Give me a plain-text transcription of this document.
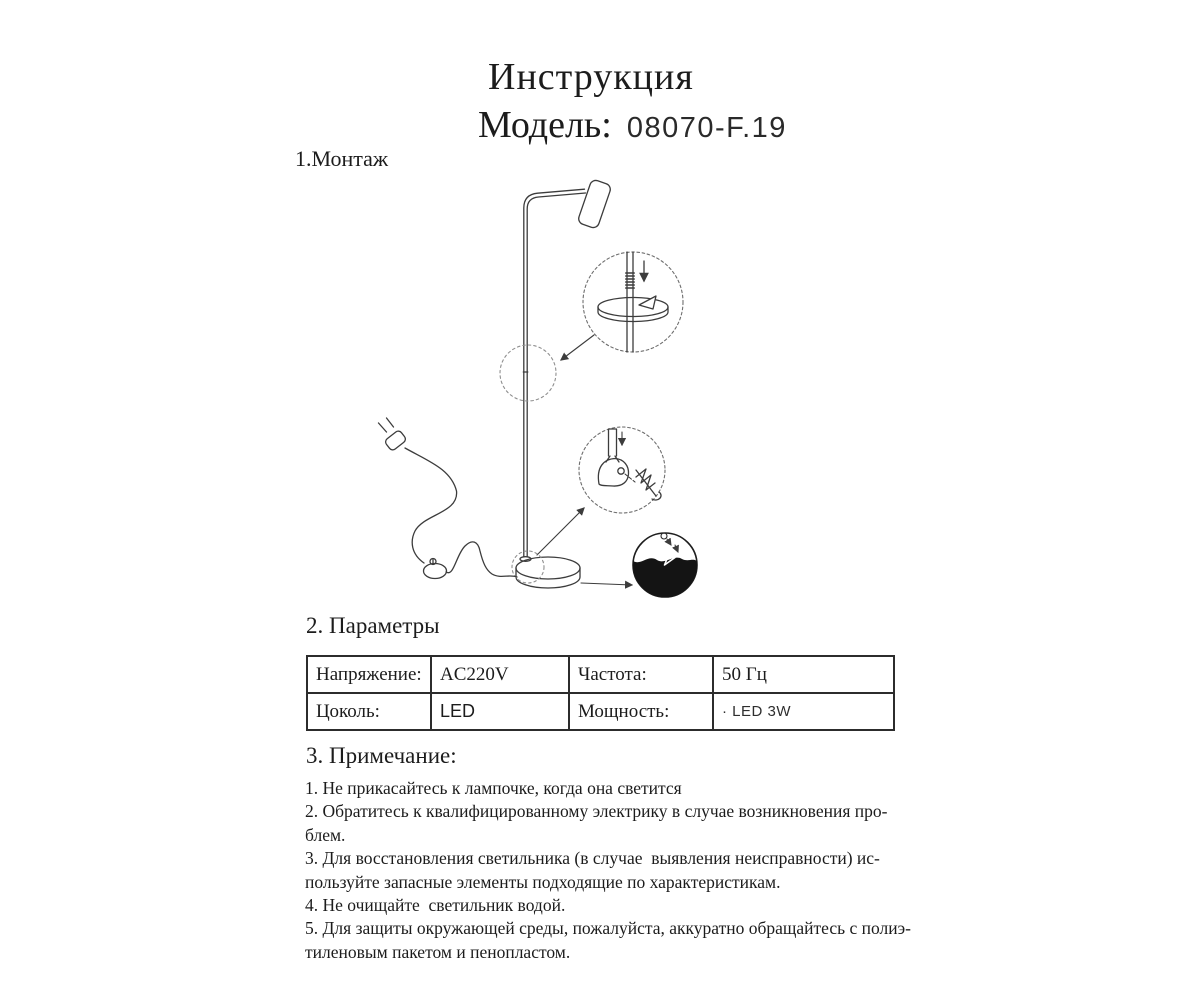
Инструкция
Модель: 08070-F.19
1.Монтаж
2. Параметры
Напряжение:	AC220V	Частота:	50 Гц
Цоколь:	LED	Мощность:	· LED 3W
3. Примечание:
1. Не прикасайтесь к лампочке, когда она светится
2. Обратитесь к квалифицированному электрику в случае возникновения про-
блем.
3. Для восстановления светильника (в случае  выявления неисправности) ис-
пользуйте запасные элементы подходящие по характеристикам.
4. Не очищайте  светильник водой.
5. Для защиты окружающей среды, пожалуйста, аккуратно обращайтесь с полиэ-
тиленовым пакетом и пенопластом.
